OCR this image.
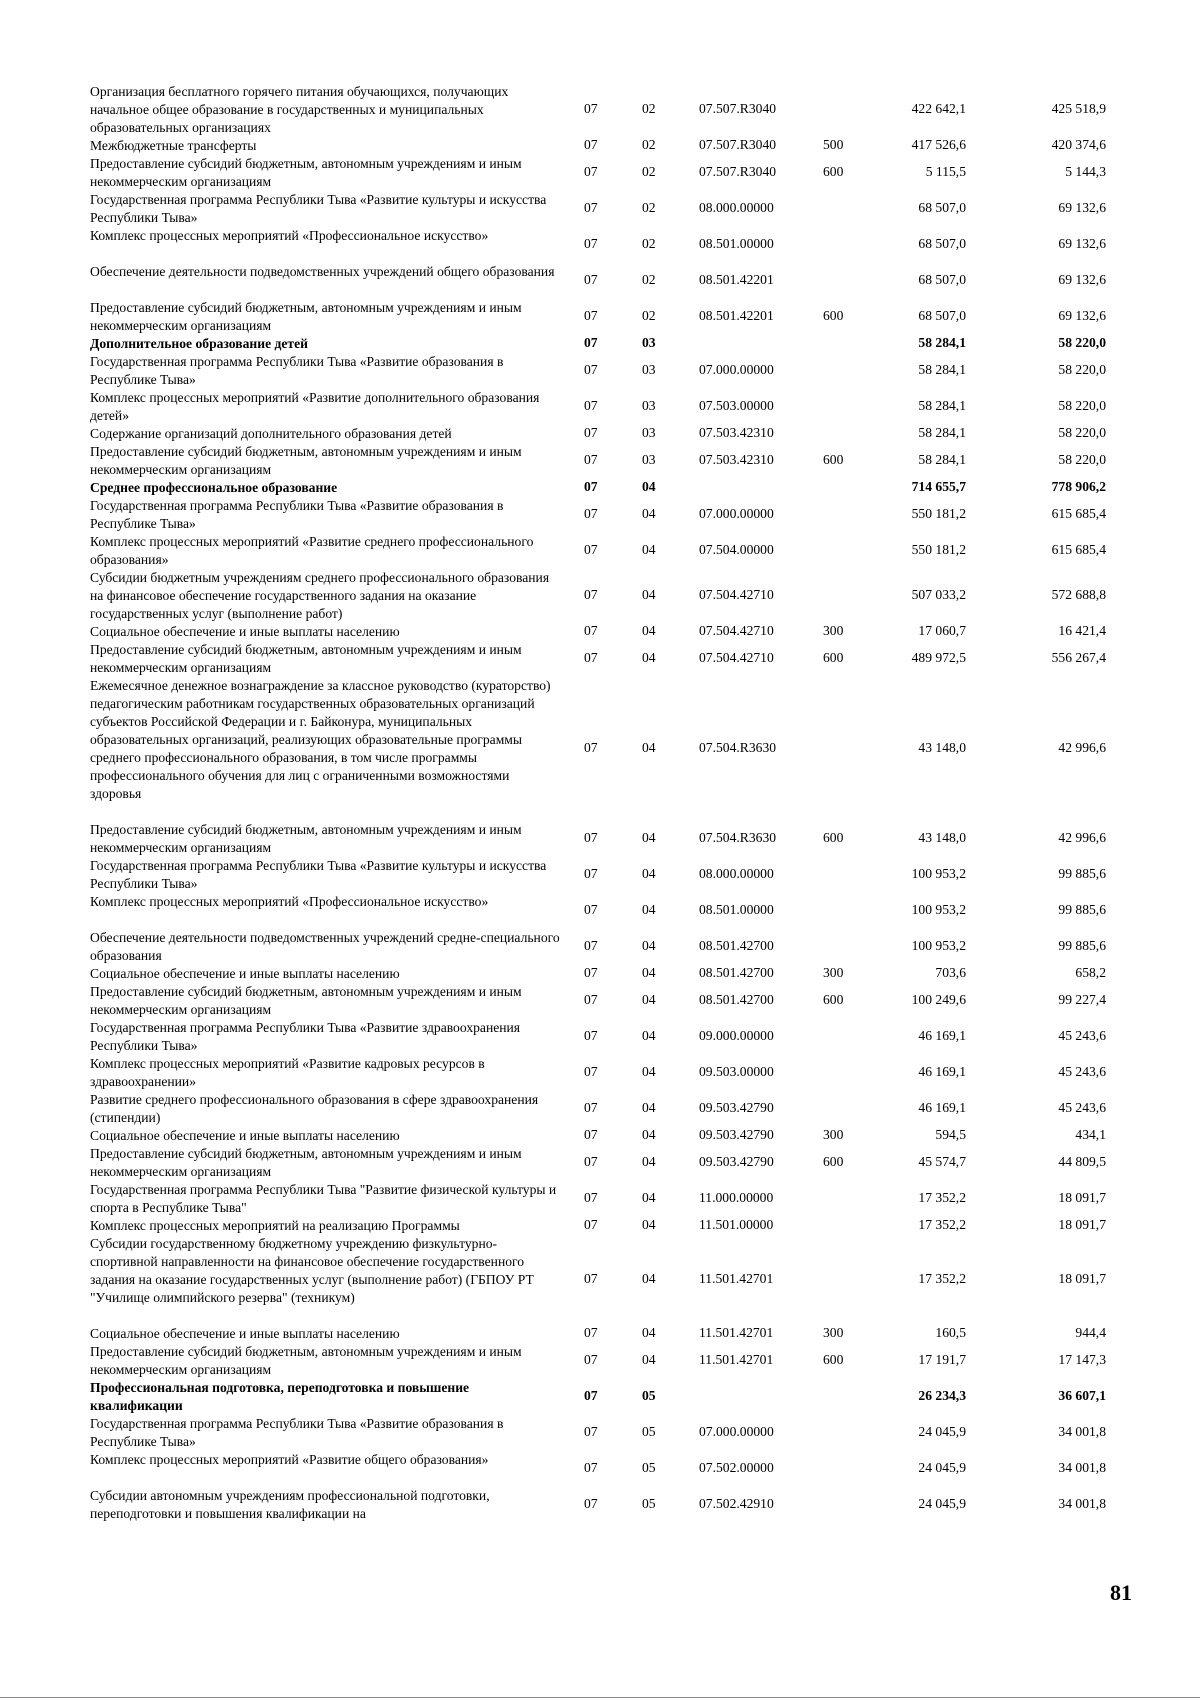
Организация бесплатного горячего питания обучающихся, получающих начальное общее образование в государственных и муниципальных образовательных организациях
07	02	07.507.R3040	422 642,1	425 518,9
Межбюджетные трансферты	07	02	07.507.R3040	500	417 526,6	420 374,6
Предоставление субсидий бюджетным, автономным учреждениям и иным некоммерческим организациям
07	02	07.507.R3040	600	5 115,5	5 144,3
Государственная программа Республики Тыва «Развитие культуры и искусства Республики Тыва»
07	02	08.000.00000	68 507,0	69 132,6
Комплекс процессных мероприятий «Профессиональное искусство»
07	02	08.501.00000	68 507,0	69 132,6
Обеспечение деятельности подведомственных учреждений общего образования
07	02	08.501.42201	68 507,0	69 132,6
Предоставление субсидий бюджетным, автономным учреждениям и иным некоммерческим организациям
07	02	08.501.42201	600	68 507,0	69 132,6
Дополнительное образование детей	07	03	58 284,1	58 220,0
Государственная программа Республики Тыва «Развитие образования в Республике Тыва»
07	03	07.000.00000	58 284,1	58 220,0
Комплекс процессных мероприятий «Развитие дополнительного образования детей»
07	03	07.503.00000	58 284,1	58 220,0
Содержание организаций дополнительного образования детей	07	03	07.503.42310	58 284,1	58 220,0
Предоставление субсидий бюджетным, автономным учреждениям и иным некоммерческим организациям
07	03	07.503.42310	600	58 284,1	58 220,0
Среднее профессиональное образование	07	04	714 655,7	778 906,2
Государственная программа Республики Тыва «Развитие образования в Республике Тыва»
07	04	07.000.00000	550 181,2	615 685,4
Комплекс процессных мероприятий «Развитие среднего профессионального образования»
07	04	07.504.00000	550 181,2	615 685,4
Субсидии бюджетным учреждениям среднего профессионального образования на финансовое обеспечение государственного задания на оказание государственных услуг (выполнение работ)
07	04	07.504.42710	507 033,2	572 688,8
Социальное обеспечение и иные выплаты населению	07	04	07.504.42710	300	17 060,7	16 421,4
Предоставление субсидий бюджетным, автономным учреждениям и иным некоммерческим организациям
07	04	07.504.42710	600	489 972,5	556 267,4
Ежемесячное денежное вознаграждение за классное руководство (кураторство) педагогическим работникам государственных образовательных организаций субъектов Российской Федерации и г. Байконура, муниципальных образовательных организаций, реализующих образовательные программы среднего профессионального образования, в том числе программы профессионального обучения для лиц с ограниченными возможностями здоровья
07	04	07.504.R3630	43 148,0	42 996,6
Предоставление субсидий бюджетным, автономным учреждениям и иным некоммерческим организациям
07	04	07.504.R3630	600	43 148,0	42 996,6
Государственная программа Республики Тыва «Развитие культуры и искусства Республики Тыва»
07	04	08.000.00000	100 953,2	99 885,6
Комплекс процессных мероприятий «Профессиональное искусство»
07	04	08.501.00000	100 953,2	99 885,6
Обеспечение деятельности подведомственных учреждений средне-специального образования
07	04	08.501.42700	100 953,2	99 885,6
Социальное обеспечение и иные выплаты населению	07	04	08.501.42700	300	703,6	658,2
Предоставление субсидий бюджетным, автономным учреждениям и иным некоммерческим организациям
07	04	08.501.42700	600	100 249,6	99 227,4
Государственная программа Республики Тыва «Развитие здравоохранения Республики Тыва»
07	04	09.000.00000	46 169,1	45 243,6
Комплекс процессных мероприятий «Развитие кадровых ресурсов в здравоохранении»
07	04	09.503.00000	46 169,1	45 243,6
Развитие среднего профессионального образования в сфере здравоохранения (стипендии)
07	04	09.503.42790	46 169,1	45 243,6
Социальное обеспечение и иные выплаты населению	07	04	09.503.42790	300	594,5	434,1
Предоставление субсидий бюджетным, автономным учреждениям и иным некоммерческим организациям
07	04	09.503.42790	600	45 574,7	44 809,5
Государственная программа Республики Тыва "Развитие физической культуры и спорта в Республике Тыва"
07	04	11.000.00000	17 352,2	18 091,7
Комплекс процессных мероприятий на реализацию Программы	07	04	11.501.00000	17 352,2	18 091,7
Субсидии государственному бюджетному учреждению физкультурно-спортивной направленности на финансовое обеспечение государственного задания на оказание государственных услуг (выполнение работ) (ГБПОУ РТ "Училище олимпийского резерва" (техникум)
07	04	11.501.42701	17 352,2	18 091,7
Социальное обеспечение и иные выплаты населению	07	04	11.501.42701	300	160,5	944,4
Предоставление субсидий бюджетным, автономным учреждениям и иным некоммерческим организациям
07	04	11.501.42701	600	17 191,7	17 147,3
Профессиональная подготовка, переподготовка и повышение квалификации
07	05	26 234,3	36 607,1
Государственная программа Республики Тыва «Развитие образования в Республике Тыва»
07	05	07.000.00000	24 045,9	34 001,8
Комплекс процессных мероприятий «Развитие общего образования»
07	05	07.502.00000	24 045,9	34 001,8
Субсидии автономным учреждениям профессиональной подготовки, переподготовки и повышения квалификации на
07	05	07.502.42910	24 045,9	34 001,8
81
